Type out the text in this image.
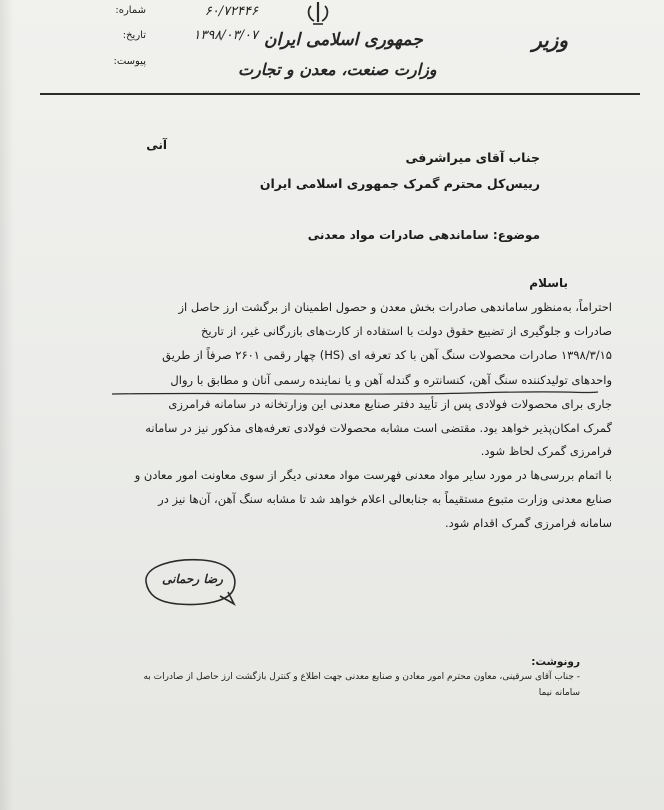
۶۰/۷۲۴۴۶
شماره:
۱۳۹۸/۰۳/۰۷
تاریخ:
پیوست:
جمهوری اسلامی ایران
وزارت صنعت، معدن و تجارت
وزیر
آنی
جناب آقای میراشرفی
رییس‌کل محترم گمرک جمهوری اسلامی ایران
موضوع: ساماندهی صادرات مواد معدنی
باسلام
احتراماً، به‌منظور ساماندهی صادرات بخش معدن و حصول اطمینان از برگشت ارز حاصل از
صادرات و جلوگیری از تضییع حقوق دولت با استفاده از کارت‌های بازرگانی غیر، از تاریخ
۱۳۹۸/۳/۱۵ صادرات محصولات سنگ آهن با کد تعرفه ای (HS) چهار رقمی ۲۶۰۱ صرفاً از طریق
واحدهای تولیدکننده سنگ آهن، کنسانتره و گندله آهن و یا نماینده رسمی آنان و مطابق با روال
جاری برای محصولات فولادی پس از تأیید دفتر صنایع معدنی این وزارتخانه در سامانه فرامرزی
گمرک امکان‌پذیر خواهد بود. مقتضی است مشابه محصولات فولادی تعرفه‌های مذکور نیز در سامانه
فرامرزی گمرک لحاظ شود.
با اتمام بررسی‌ها در مورد سایر مواد معدنی فهرست مواد معدنی دیگر از سوی معاونت امور معادن و
صنایع معدنی وزارت متبوع مستقیماً به جنابعالی اعلام خواهد شد تا مشابه سنگ آهن، آن‌ها نیز در
سامانه فرامرزی گمرک اقدام شود.
رضا رحمانی
رونوشت:
- جناب آقای سرقینی، معاون محترم امور معادن و صنایع معدنی جهت اطلاع و کنترل بازگشت ارز حاصل از صادرات به
سامانه نیما
